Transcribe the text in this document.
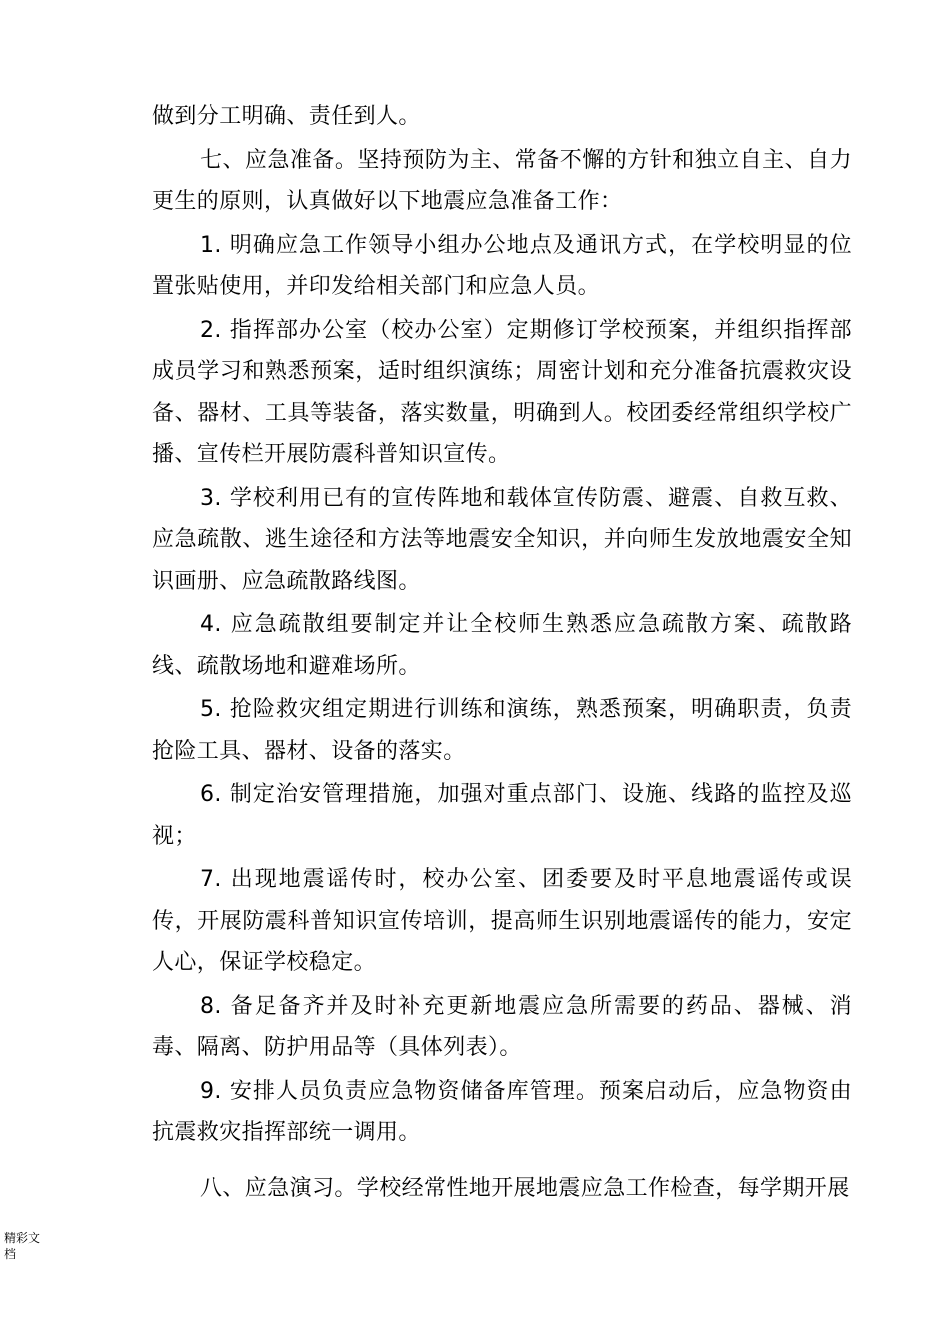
做到分工明确、责任到人。

七、应急准备。坚持预防为主、常备不懈的方针和独立自主、自力更生的原则，认真做好以下地震应急准备工作：

1. 明确应急工作领导小组办公地点及通讯方式，在学校明显的位置张贴使用，并印发给相关部门和应急人员。

2. 指挥部办公室（校办公室）定期修订学校预案，并组织指挥部成员学习和熟悉预案，适时组织演练；周密计划和充分准备抗震救灾设备、器材、工具等装备，落实数量，明确到人。校团委经常组织学校广播、宣传栏开展防震科普知识宣传。

3. 学校利用已有的宣传阵地和载体宣传防震、避震、自救互救、应急疏散、逃生途径和方法等地震安全知识，并向师生发放地震安全知识画册、应急疏散路线图。

4. 应急疏散组要制定并让全校师生熟悉应急疏散方案、疏散路线、疏散场地和避难场所。

5. 抢险救灾组定期进行训练和演练，熟悉预案，明确职责，负责抢险工具、器材、设备的落实。

6. 制定治安管理措施，加强对重点部门、设施、线路的监控及巡视；

7. 出现地震谣传时，校办公室、团委要及时平息地震谣传或误传，开展防震科普知识宣传培训，提高师生识别地震谣传的能力，安定人心，保证学校稳定。

8. 备足备齐并及时补充更新地震应急所需要的药品、器械、消毒、隔离、防护用品等（具体列表）。

9. 安排人员负责应急物资储备库管理。预案启动后，应急物资由抗震救灾指挥部统一调用。

八、应急演习。学校经常性地开展地震应急工作检查，每学期开展

精彩文档
